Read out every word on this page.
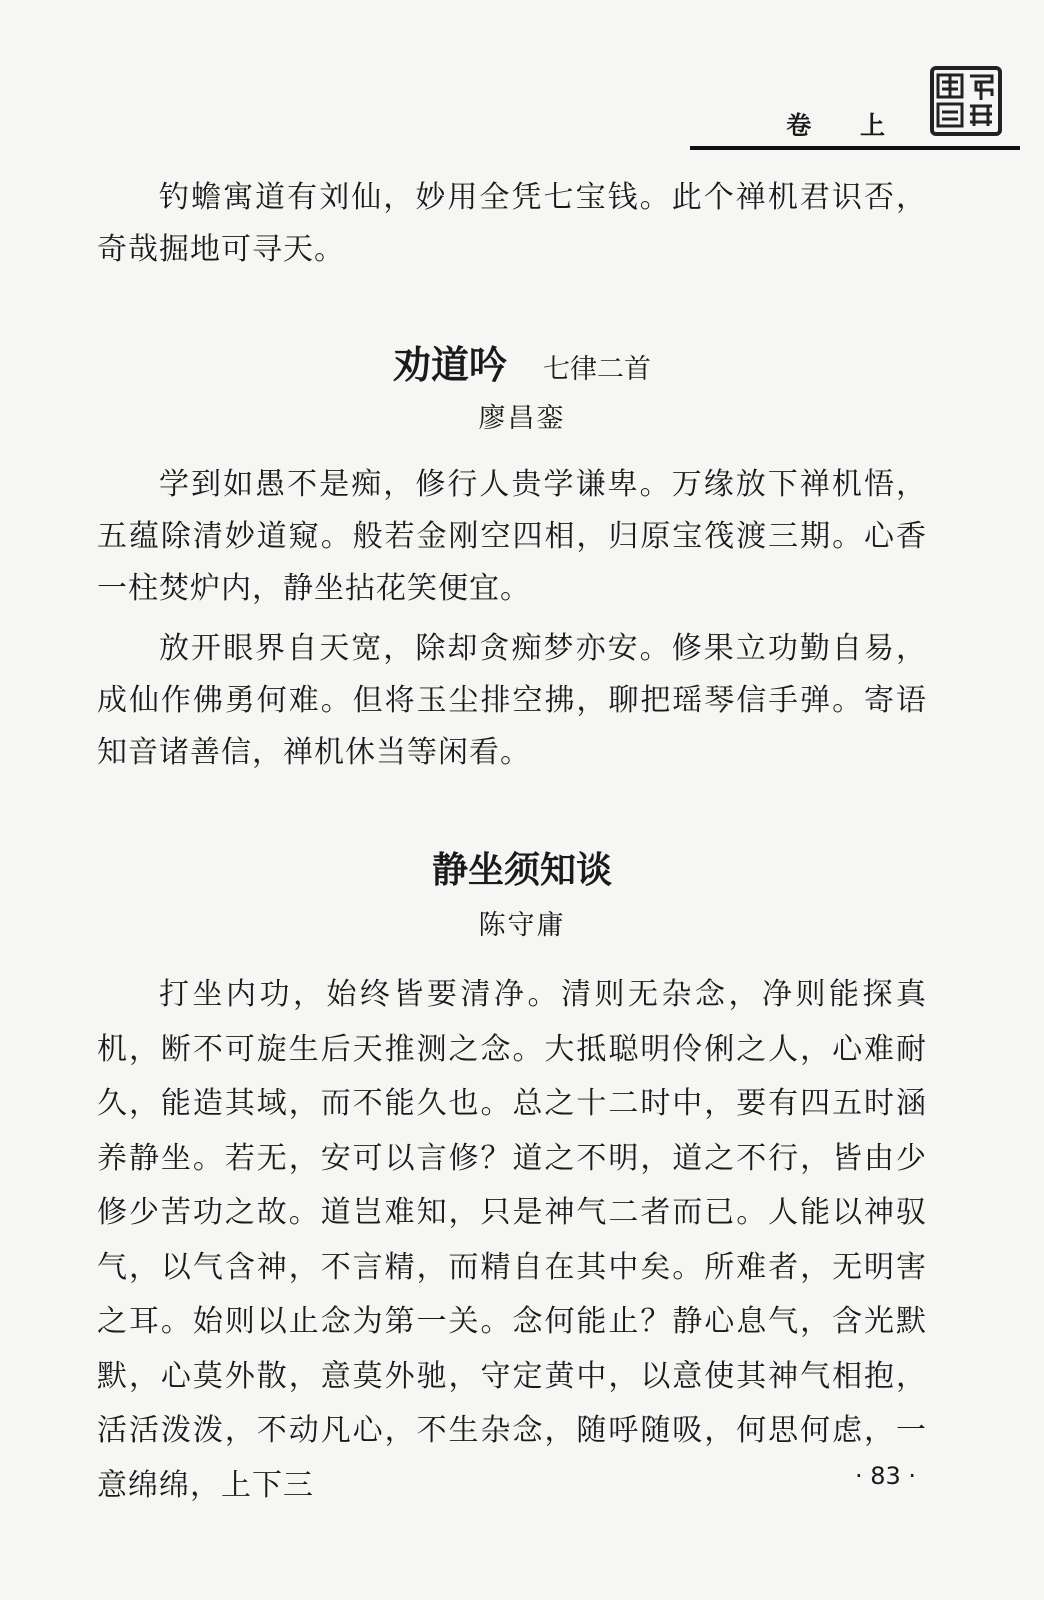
卷 上

钓蟾寓道有刘仙，妙用全凭七宝钱。此个禅机君识否，奇哉掘地可寻天。

劝道吟 七律二首
廖昌銮

学到如愚不是痴，修行人贵学谦卑。万缘放下禅机悟，五蕴除清妙道窥。般若金刚空四相，归原宝筏渡三期。心香一柱焚炉内，静坐拈花笑便宜。

放开眼界自天宽，除却贪痴梦亦安。修果立功勤自易，成仙作佛勇何难。但将玉尘排空拂，聊把瑶琴信手弹。寄语知音诸善信，禅机休当等闲看。

静坐须知谈
陈守庸

打坐内功，始终皆要清净。清则无杂念，净则能探真机，断不可旋生后天推测之念。大抵聪明伶俐之人，心难耐久，能造其域，而不能久也。总之十二时中，要有四五时涵养静坐。若无，安可以言修？道之不明，道之不行，皆由少修少苦功之故。道岂难知，只是神气二者而已。人能以神驭气，以气含神，不言精，而精自在其中矣。所难者，无明害之耳。始则以止念为第一关。念何能止？静心息气，含光默默，心莫外散，意莫外驰，守定黄中，以意使其神气相抱，活活泼泼，不动凡心，不生杂念，随呼随吸，何思何虑，一意绵绵，上下三	· 83 ·
